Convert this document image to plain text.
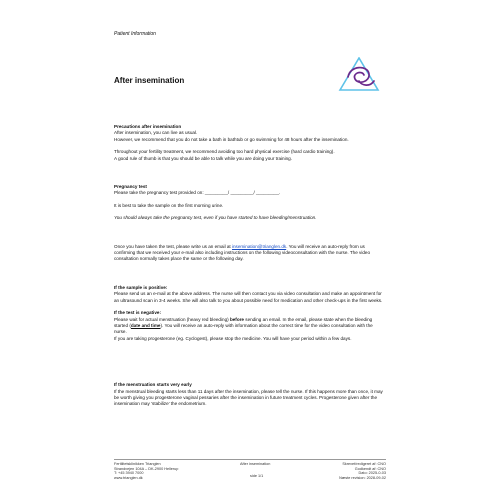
Patient Information
After insemination

Precautions after insemination

After insemination, you can live as usual.

However, we recommend that you do not take a bath in bathtub or go swimming for 48 hours after the insemination.

Throughout your fertility treatment, we recommend avoiding too hard physical exercise (hard cardio training).

A good rule of thumb is that you should be able to talk while you are doing your training.

Pregnancy test

Please take the pregnancy test provided on: _________/ _________/ _________.

It is best to take the sample on the first morning urine.

You should always take the pregnancy test, even if you have started to have bleeding/menstruation.

Once you have taken the test, please write us an email at insemination@trianglen.dk. You will receive an auto-reply from us confirming that we received your e-mail also including instructions on the following videoconsultation with the nurse. The video consultation normally takes place the same or the following day.

If the sample is positive:

Please send us an e-mail at the above address. The nurse will then contact you via video consultation and make an appointment for an ultrasound scan in 3-4 weeks. She will also talk to you about possible need for medication and other check-ups in the first weeks.

If the test is negative:

Please wait for actual menstruation (heavy red bleeding) before sending an email. In the email, please state when the bleeding started (date and time). You will receive an auto-reply with information about the correct time for the video consultation with the nurse.

If you are taking progesterone (eg. Cyclogest), please stop the medicine. You will have your period within a few days.

If the menstruation starts very early

If the menstrual bleeding starts less than 11 days after the insemination, please tell the nurse. If this happens more than once, it may be worth giving you progesterone vaginal pessaries after the insemination in future treatment cycles. Progesterone given after the insemination may ‘stabilize’ the endometrium.

Fertilitetsklinikken Trianglen
Strandvejen 104A – DK-2900 Hellerup
T: +45 3940 7000
www.trianglen.dk
After insemination
side 1/1
Skrevet/redigeret af: CNO
Godkendt af: CNO
Dato: 2025-0-03
Næste revision: 2028-09-02
